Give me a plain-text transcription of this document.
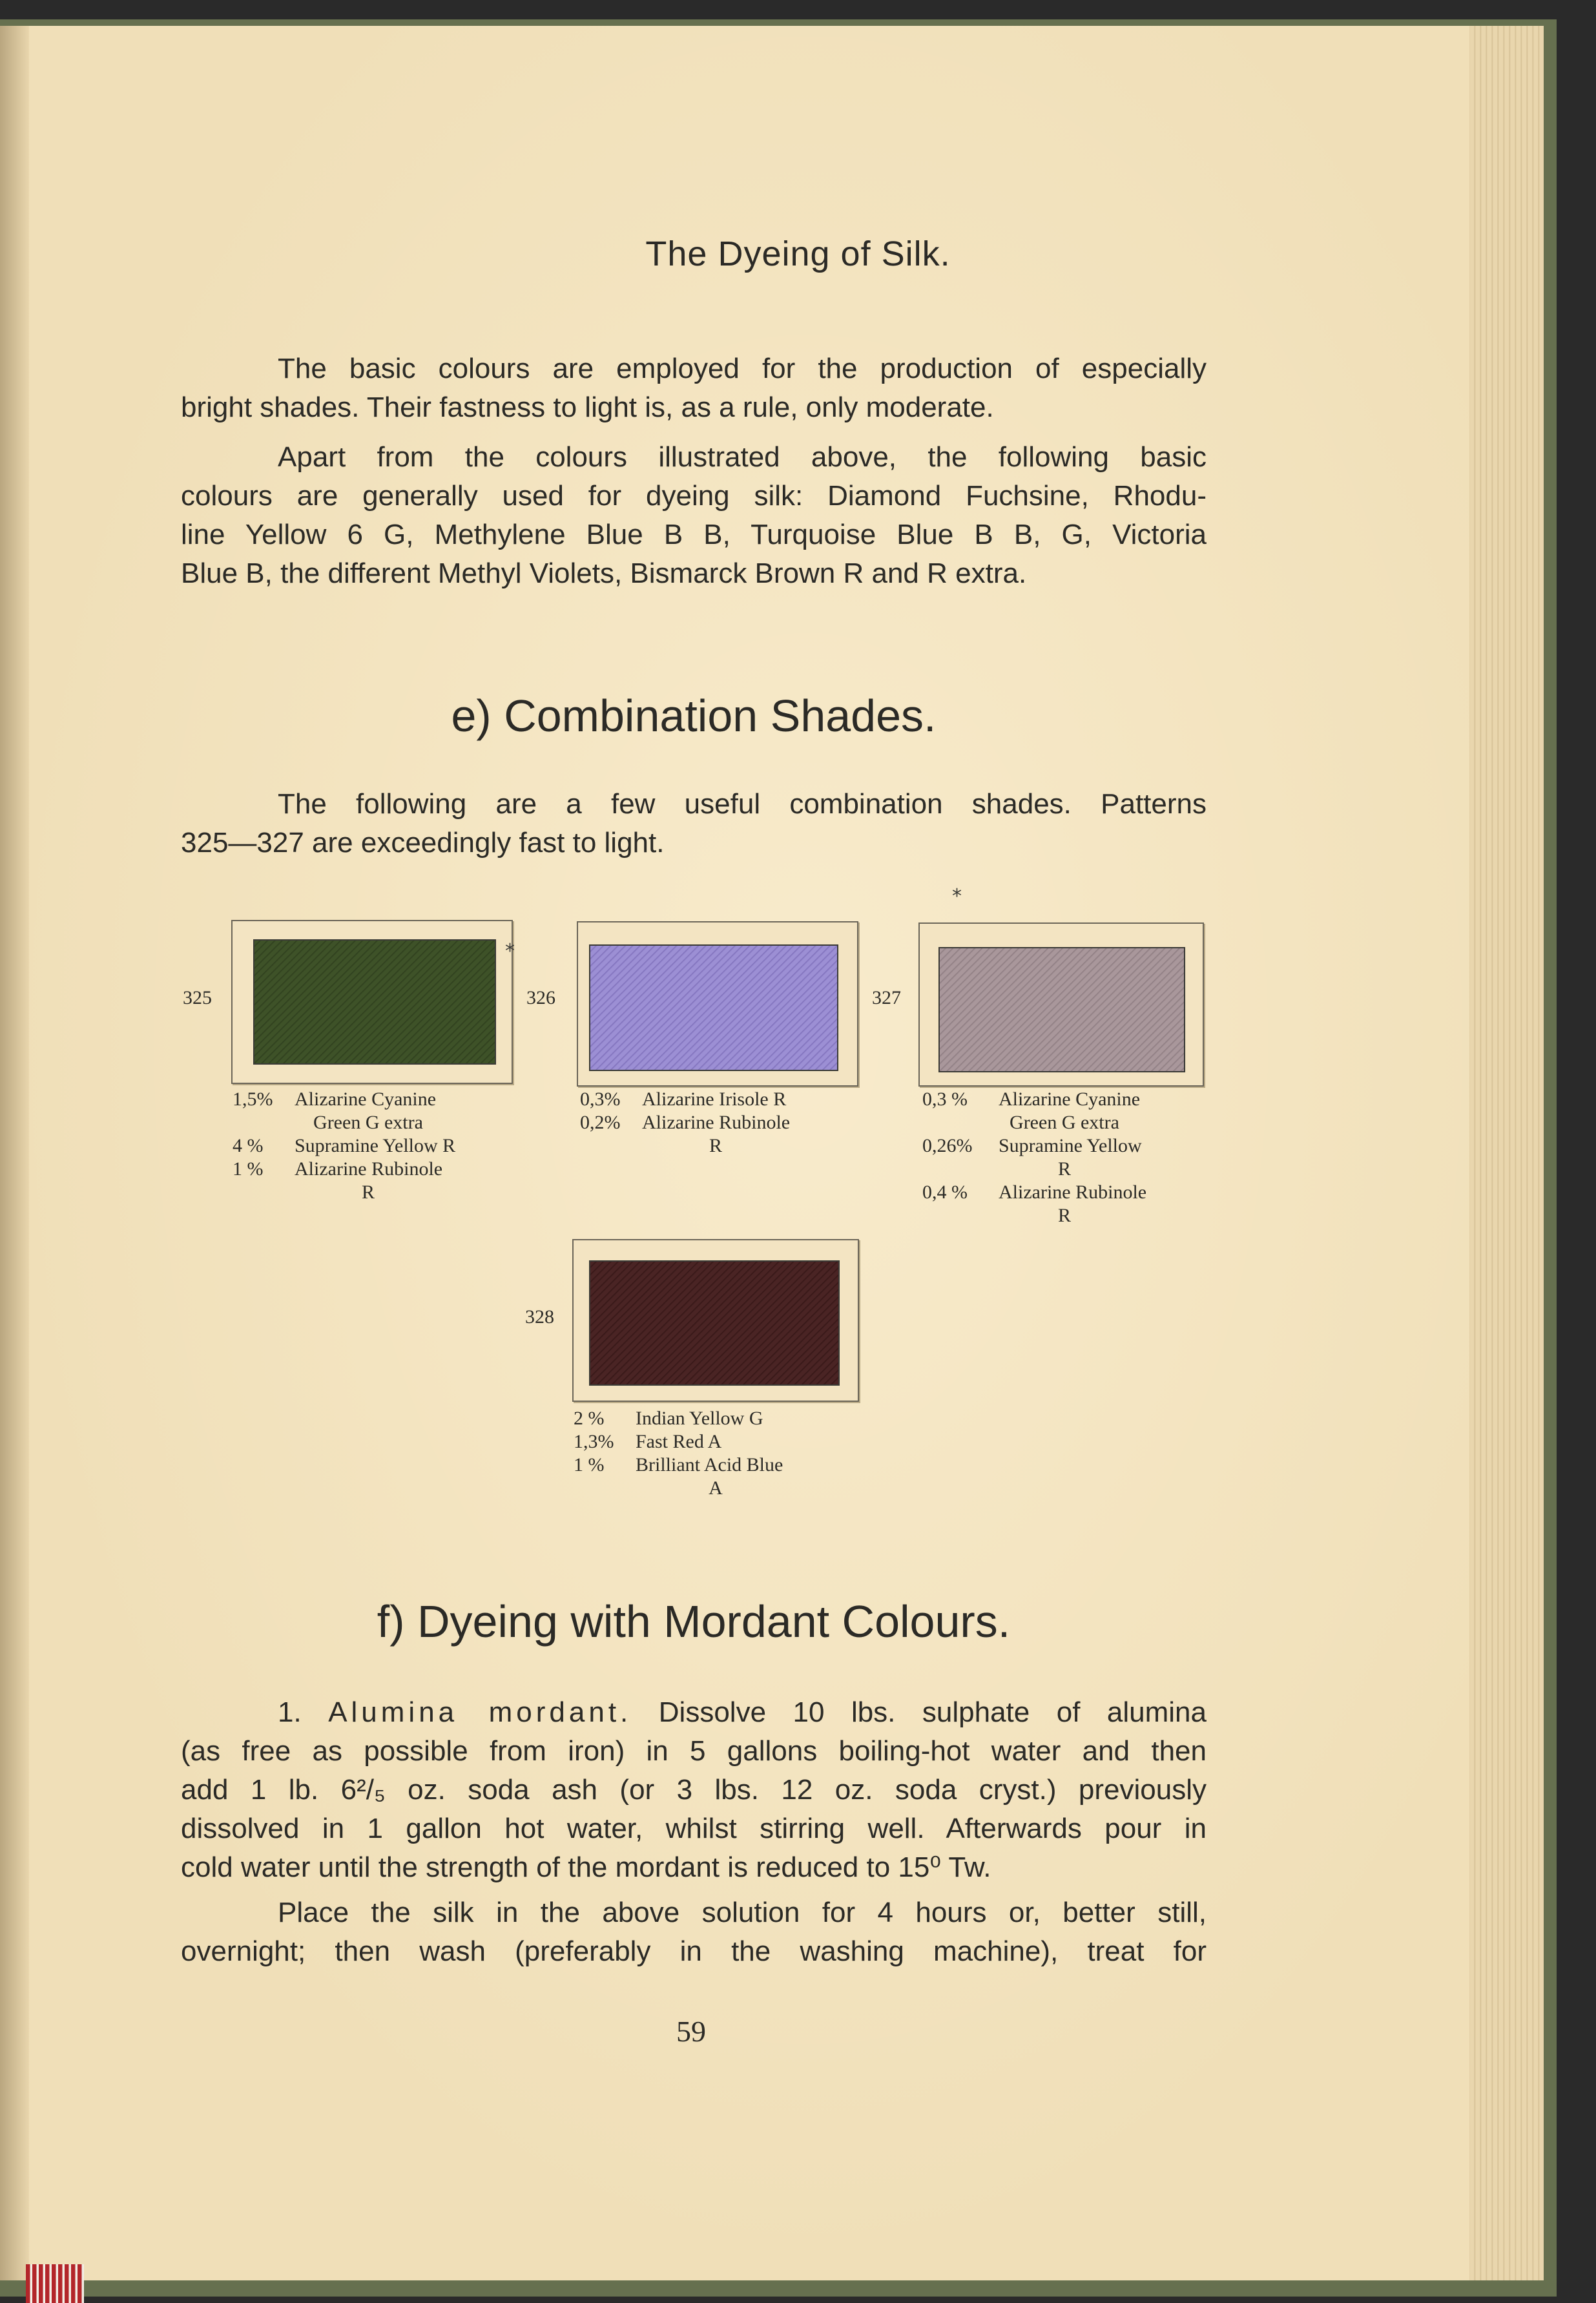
The Dyeing of Silk.
The basic colours are employed for the production of especially
bright shades. Their fastness to light is, as a rule, only moderate.
Apart from the colours illustrated above, the following basic
colours are generally used for dyeing silk: Diamond Fuchsine, Rhodu-
line Yellow 6 G, Methylene Blue B B, Turquoise Blue B B, G, Victoria
Blue B, the different Methyl Violets, Bismarck Brown R and R extra.
e) Combination Shades.
The following are a few useful combination shades. Patterns
325—327 are exceedingly fast to light.
325
1,5%	Alizarine Cyanine
Green G extra
4 %	Supramine Yellow R
1 %	Alizarine Rubinole
R
*
326
0,3%	Alizarine Irisole R
0,2%	Alizarine Rubinole
R
*
327
0,3 %	Alizarine Cyanine
Green G extra
0,26%	Supramine Yellow
R
0,4 %	Alizarine Rubinole
R
328
2 %	Indian Yellow G
1,3%	Fast Red A
1 %	Brilliant Acid Blue
A
f) Dyeing with Mordant Colours.
1. Alumina mordant. Dissolve 10 lbs. sulphate of alumina
(as free as possible from iron) in 5 gallons boiling-hot water and then
add 1 lb. 6²/₅ oz. soda ash (or 3 lbs. 12 oz. soda cryst.) previously
dissolved in 1 gallon hot water, whilst stirring well. Afterwards pour in
cold water until the strength of the mordant is reduced to 15⁰ Tw.
Place the silk in the above solution for 4 hours or, better still,
overnight; then wash (preferably in the washing machine), treat for
59
